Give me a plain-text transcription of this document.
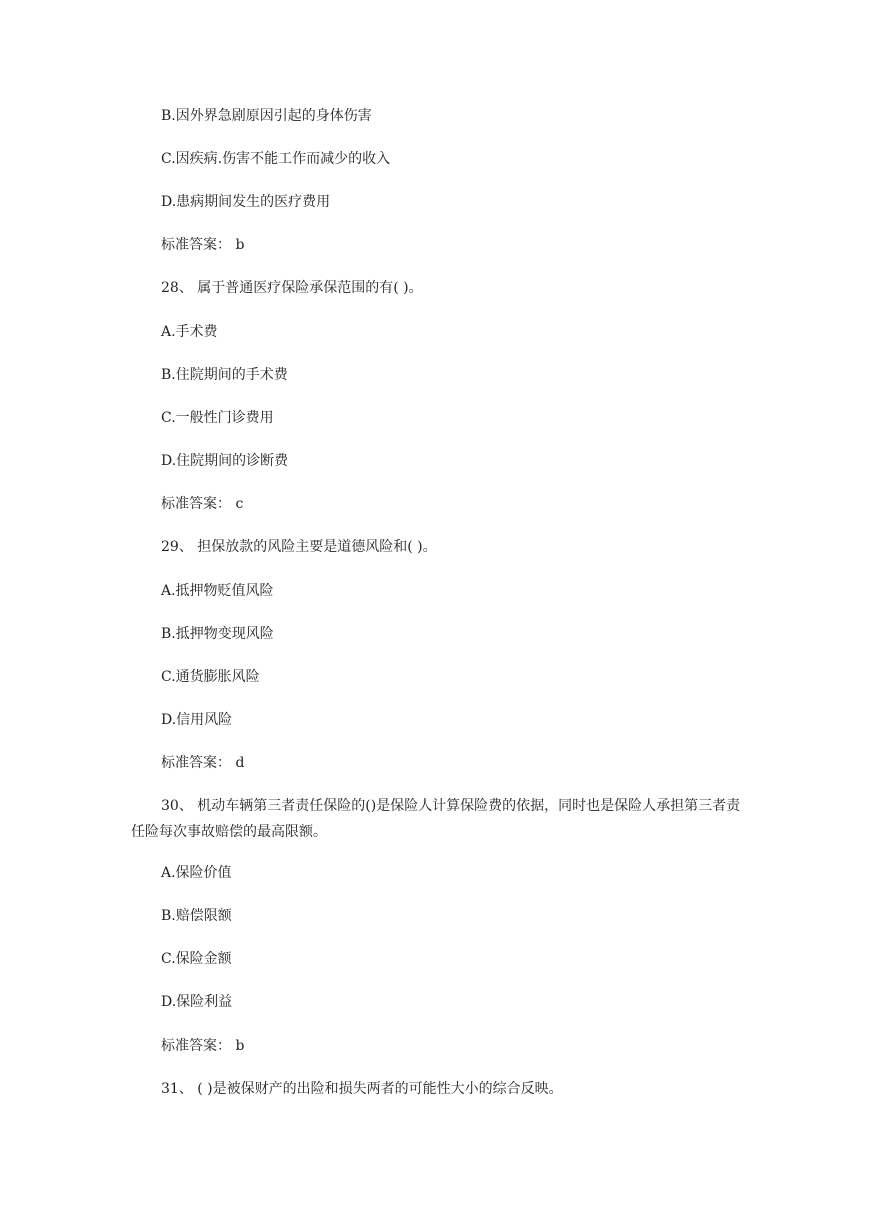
B.因外界急剧原因引起的身体伤害
C.因疾病.伤害不能工作而减少的收入
D.患病期间发生的医疗费用
标准答案： b
28、 属于普通医疗保险承保范围的有( )。
A.手术费
B.住院期间的手术费
C.一般性门诊费用
D.住院期间的诊断费
标准答案： c
29、 担保放款的风险主要是道德风险和( )。
A.抵押物贬值风险
B.抵押物变现风险
C.通货膨胀风险
D.信用风险
标准答案： d
30、 机动车辆第三者责任保险的()是保险人计算保险费的依据，同时也是保险人承担第三者责任险每次事故赔偿的最高限额。
A.保险价值
B.赔偿限额
C.保险金额
D.保险利益
标准答案： b
31、 ( )是被保财产的出险和损失两者的可能性大小的综合反映。
